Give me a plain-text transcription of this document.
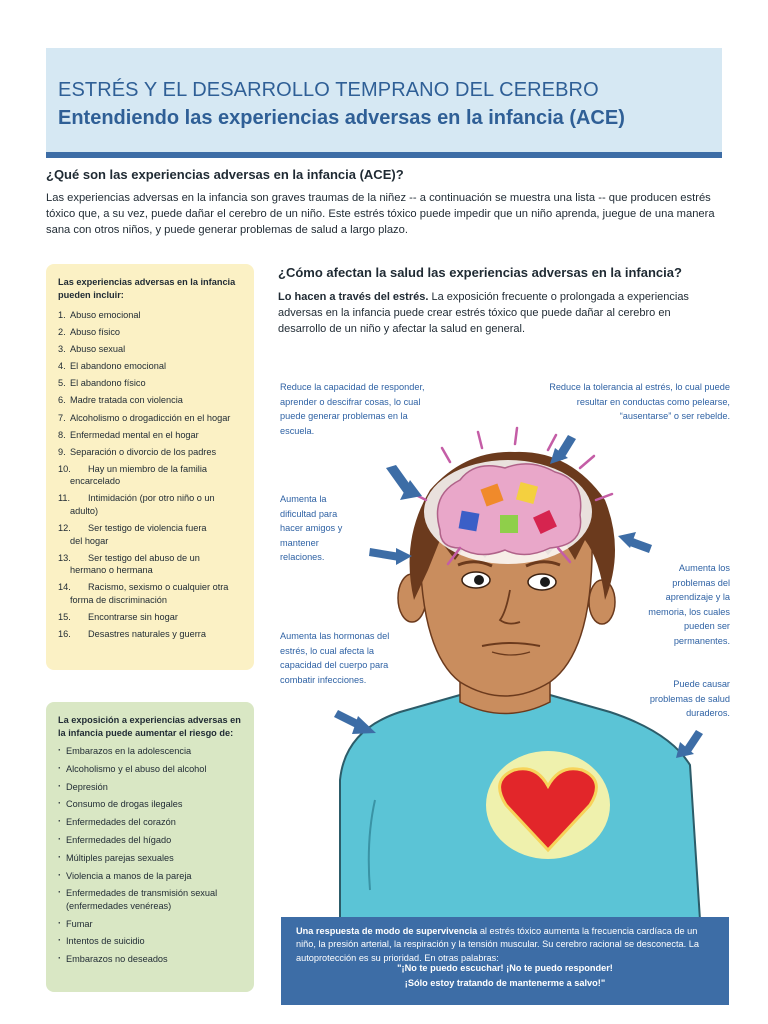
ESTRÉS Y EL DESARROLLO TEMPRANO DEL CEREBRO
Entendiendo las experiencias adversas en la infancia (ACE)
¿Qué son las experiencias adversas en la infancia (ACE)?
Las experiencias adversas en la infancia son graves traumas de la niñez -- a continuación se muestra una lista -- que producen estrés tóxico que, a su vez, puede dañar el cerebro de un niño. Este estrés tóxico puede impedir que un niño aprenda, juegue de una manera sana con otros niños, y puede generar problemas de salud a largo plazo.
Las experiencias adversas en la infancia pueden incluir:
1. Abuso emocional
2. Abuso físico
3. Abuso sexual
4. El abandono emocional
5. El abandono físico
6. Madre tratada con violencia
7. Alcoholismo o drogadicción en el hogar
8. Enfermedad mental en el hogar
9. Separación o divorcio de los padres
10. Hay un miembro de la familia
encarcelado
11. Intimidación (por otro niño o un
adulto)
12. Ser testigo de violencia fuera
del hogar
13. Ser testigo del abuso de un
hermano o hermana
14. Racismo, sexismo o cualquier otra
forma de discriminación
15. Encontrarse sin hogar
16. Desastres naturales y guerra
La exposición a experiencias adversas en la infancia puede aumentar el riesgo de:
· Embarazos en la adolescencia
· Alcoholismo y el abuso del alcohol
· Depresión
· Consumo de drogas ilegales
· Enfermedades del corazón
· Enfermedades del hígado
· Múltiples parejas sexuales
· Violencia a manos de la pareja
· Enfermedades de transmisión sexual (enfermedades venéreas)
· Fumar
· Intentos de suicidio
· Embarazos no deseados
¿Cómo afectan la salud las experiencias adversas en la infancia?
Lo hacen a través del estrés. La exposición frecuente o prolongada a experiencias adversas en la infancia puede crear estrés tóxico que puede dañar al cerebro en desarrollo de un niño y afectar la salud en general.
Reduce la capacidad de responder, aprender o descifrar cosas, lo cual puede generar problemas en la escuela.
Reduce la tolerancia al estrés, lo cual puede resultar en conductas como pelearse, “ausentarse” o ser rebelde.
Aumenta la dificultad para hacer amigos y mantener relaciones.
Aumenta los problemas del aprendizaje y la memoria, los cuales pueden ser permanentes.
Aumenta las hormonas del estrés, lo cual afecta la capacidad del cuerpo para combatir infecciones.	Puede causar problemas de salud duraderos.
Una respuesta de modo de supervivencia al estrés tóxico aumenta la frecuencia cardíaca de un niño, la presión arterial, la respiración y la tensión muscular. Su cerebro racional se desconecta. La autoprotección es su prioridad. En otras palabras:
"¡No te puedo escuchar! ¡No te puedo responder!
¡Sólo estoy tratando de mantenerme a salvo!"
